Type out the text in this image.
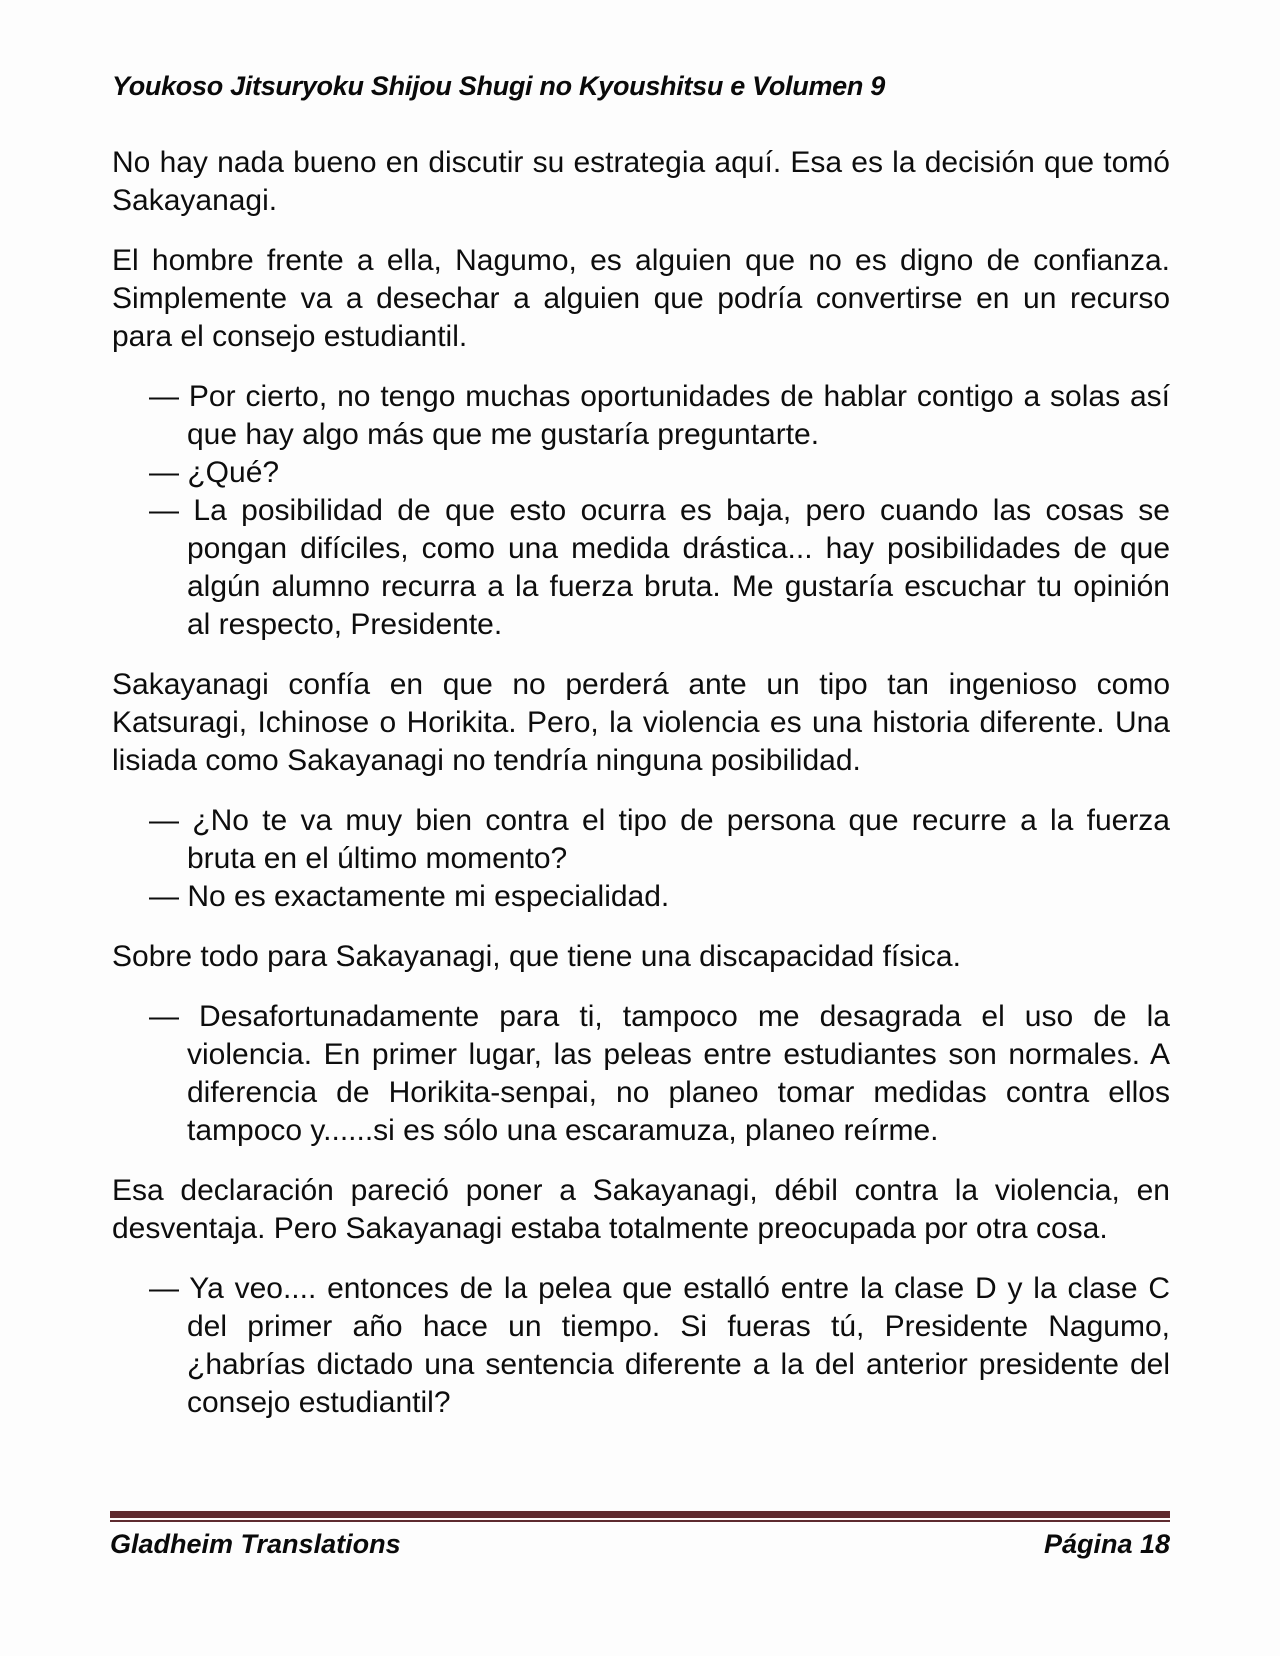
Youkoso Jitsuryoku Shijou Shugi no Kyoushitsu e Volumen 9

No hay nada bueno en discutir su estrategia aquí. Esa es la decisión que tomó Sakayanagi.

El hombre frente a ella, Nagumo, es alguien que no es digno de confianza. Simplemente va a desechar a alguien que podría convertirse en un recurso para el consejo estudiantil.

— Por cierto, no tengo muchas oportunidades de hablar contigo a solas así que hay algo más que me gustaría preguntarte.

— ¿Qué?

— La posibilidad de que esto ocurra es baja, pero cuando las cosas se pongan difíciles, como una medida drástica... hay posibilidades de que algún alumno recurra a la fuerza bruta. Me gustaría escuchar tu opinión al respecto, Presidente.

Sakayanagi confía en que no perderá ante un tipo tan ingenioso como Katsuragi, Ichinose o Horikita. Pero, la violencia es una historia diferente. Una lisiada como Sakayanagi no tendría ninguna posibilidad.

— ¿No te va muy bien contra el tipo de persona que recurre a la fuerza bruta en el último momento?

— No es exactamente mi especialidad.

Sobre todo para Sakayanagi, que tiene una discapacidad física.

— Desafortunadamente para ti, tampoco me desagrada el uso de la violencia. En primer lugar, las peleas entre estudiantes son normales. A diferencia de Horikita-senpai, no planeo tomar medidas contra ellos tampoco y......si es sólo una escaramuza, planeo reírme.

Esa declaración pareció poner a Sakayanagi, débil contra la violencia, en desventaja. Pero Sakayanagi estaba totalmente preocupada por otra cosa.

— Ya veo.... entonces de la pelea que estalló entre la clase D y la clase C del primer año hace un tiempo. Si fueras tú, Presidente Nagumo, ¿habrías dictado una sentencia diferente a la del anterior presidente del consejo estudiantil?

Gladheim Translations	Página 18
